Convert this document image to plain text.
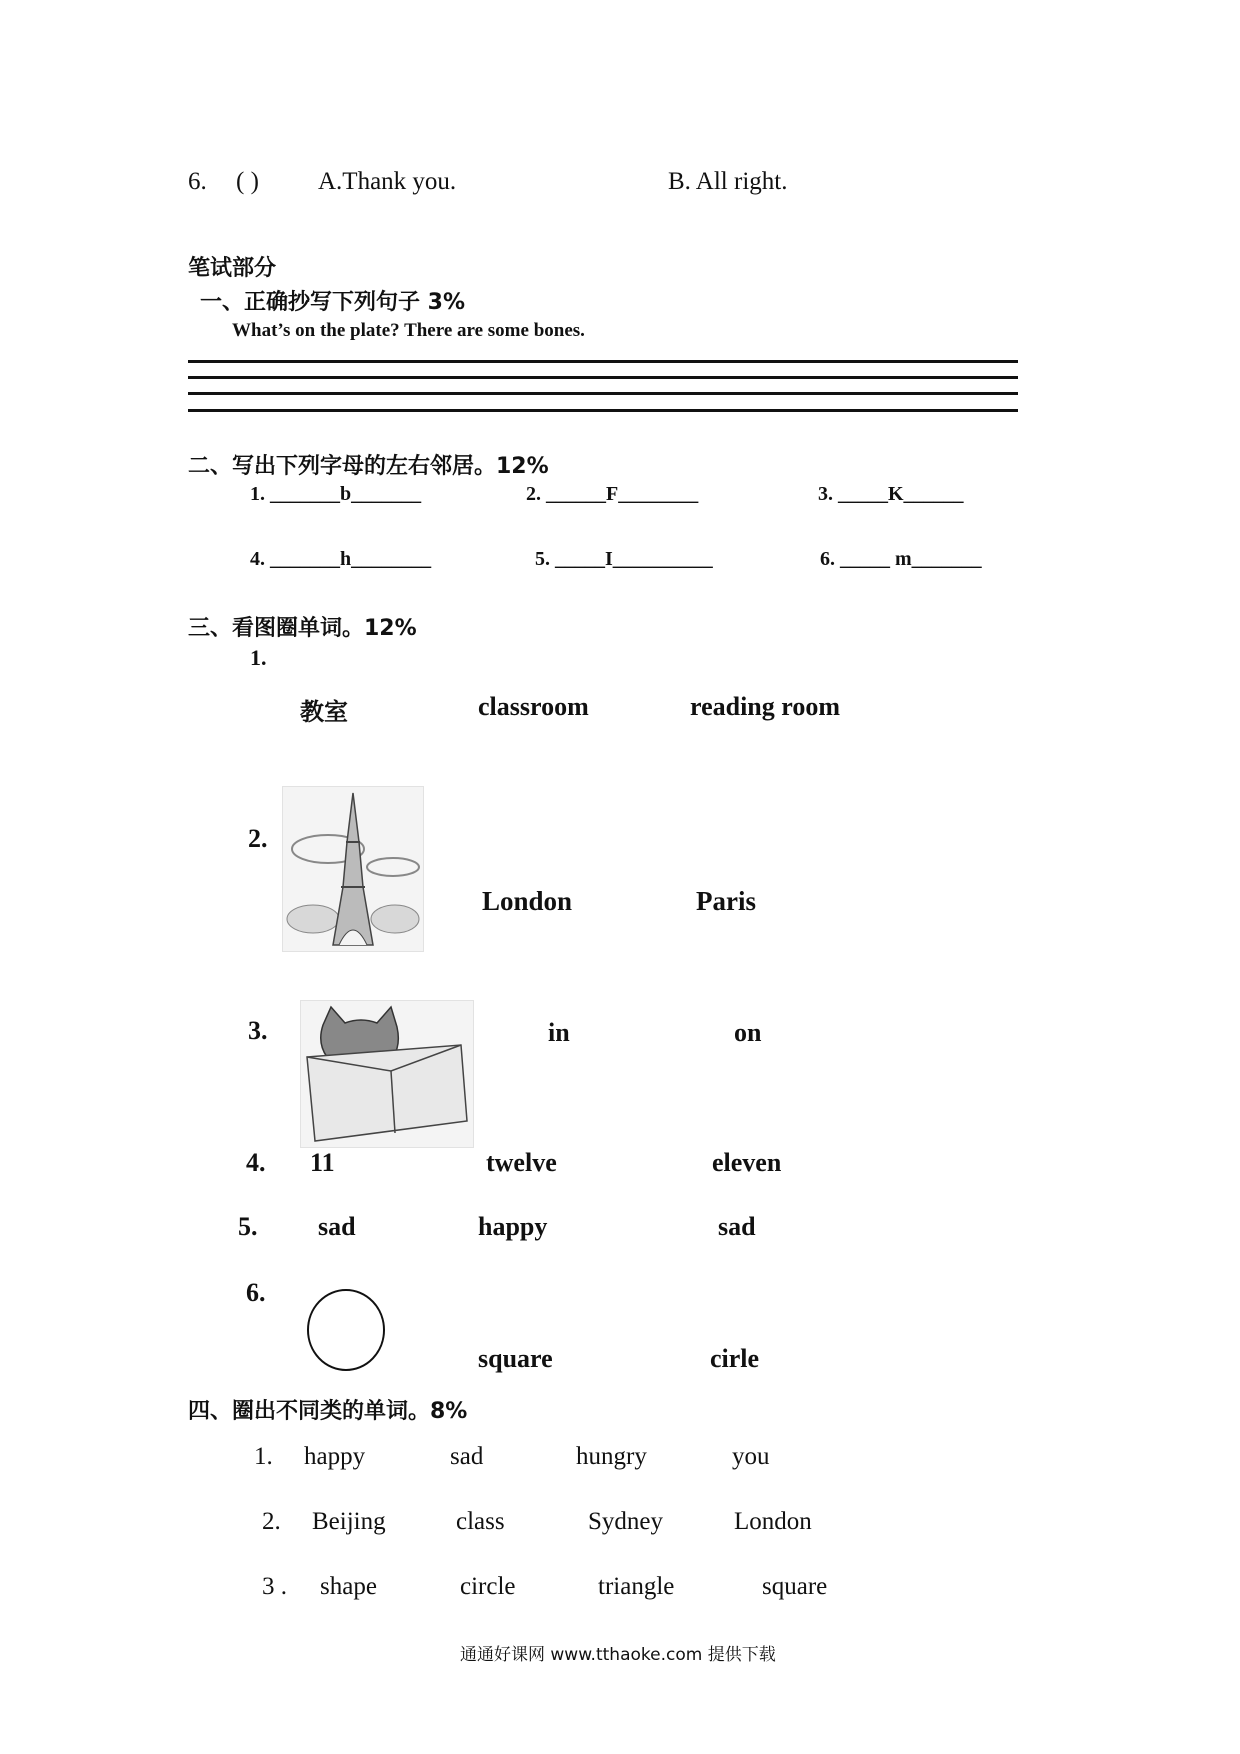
6. ( ) A.Thank you.	B. All right.
笔试部分
一、正确抄写下列句子 3%
What’s on the plate? There are some bones.
二、写出下列字母的左右邻居。12%
1. _______b_______	2. ______F________	3. _____K______
4. _______h________	5. _____I__________	6. _____ m_______
三、看图圈单词。12%
1.
教室	classroom	reading room
2.
London	Paris
3.	in	on
4. 11	twelve	eleven
5. sad	happy	sad
6.
square	cirle
四、圈出不同类的单词。8%
1. happy	sad	hungry	you
2. Beijing	class	Sydney	London
3 . shape	circle	triangle	square
通通好课网 www.tthaoke.com 提供下载
